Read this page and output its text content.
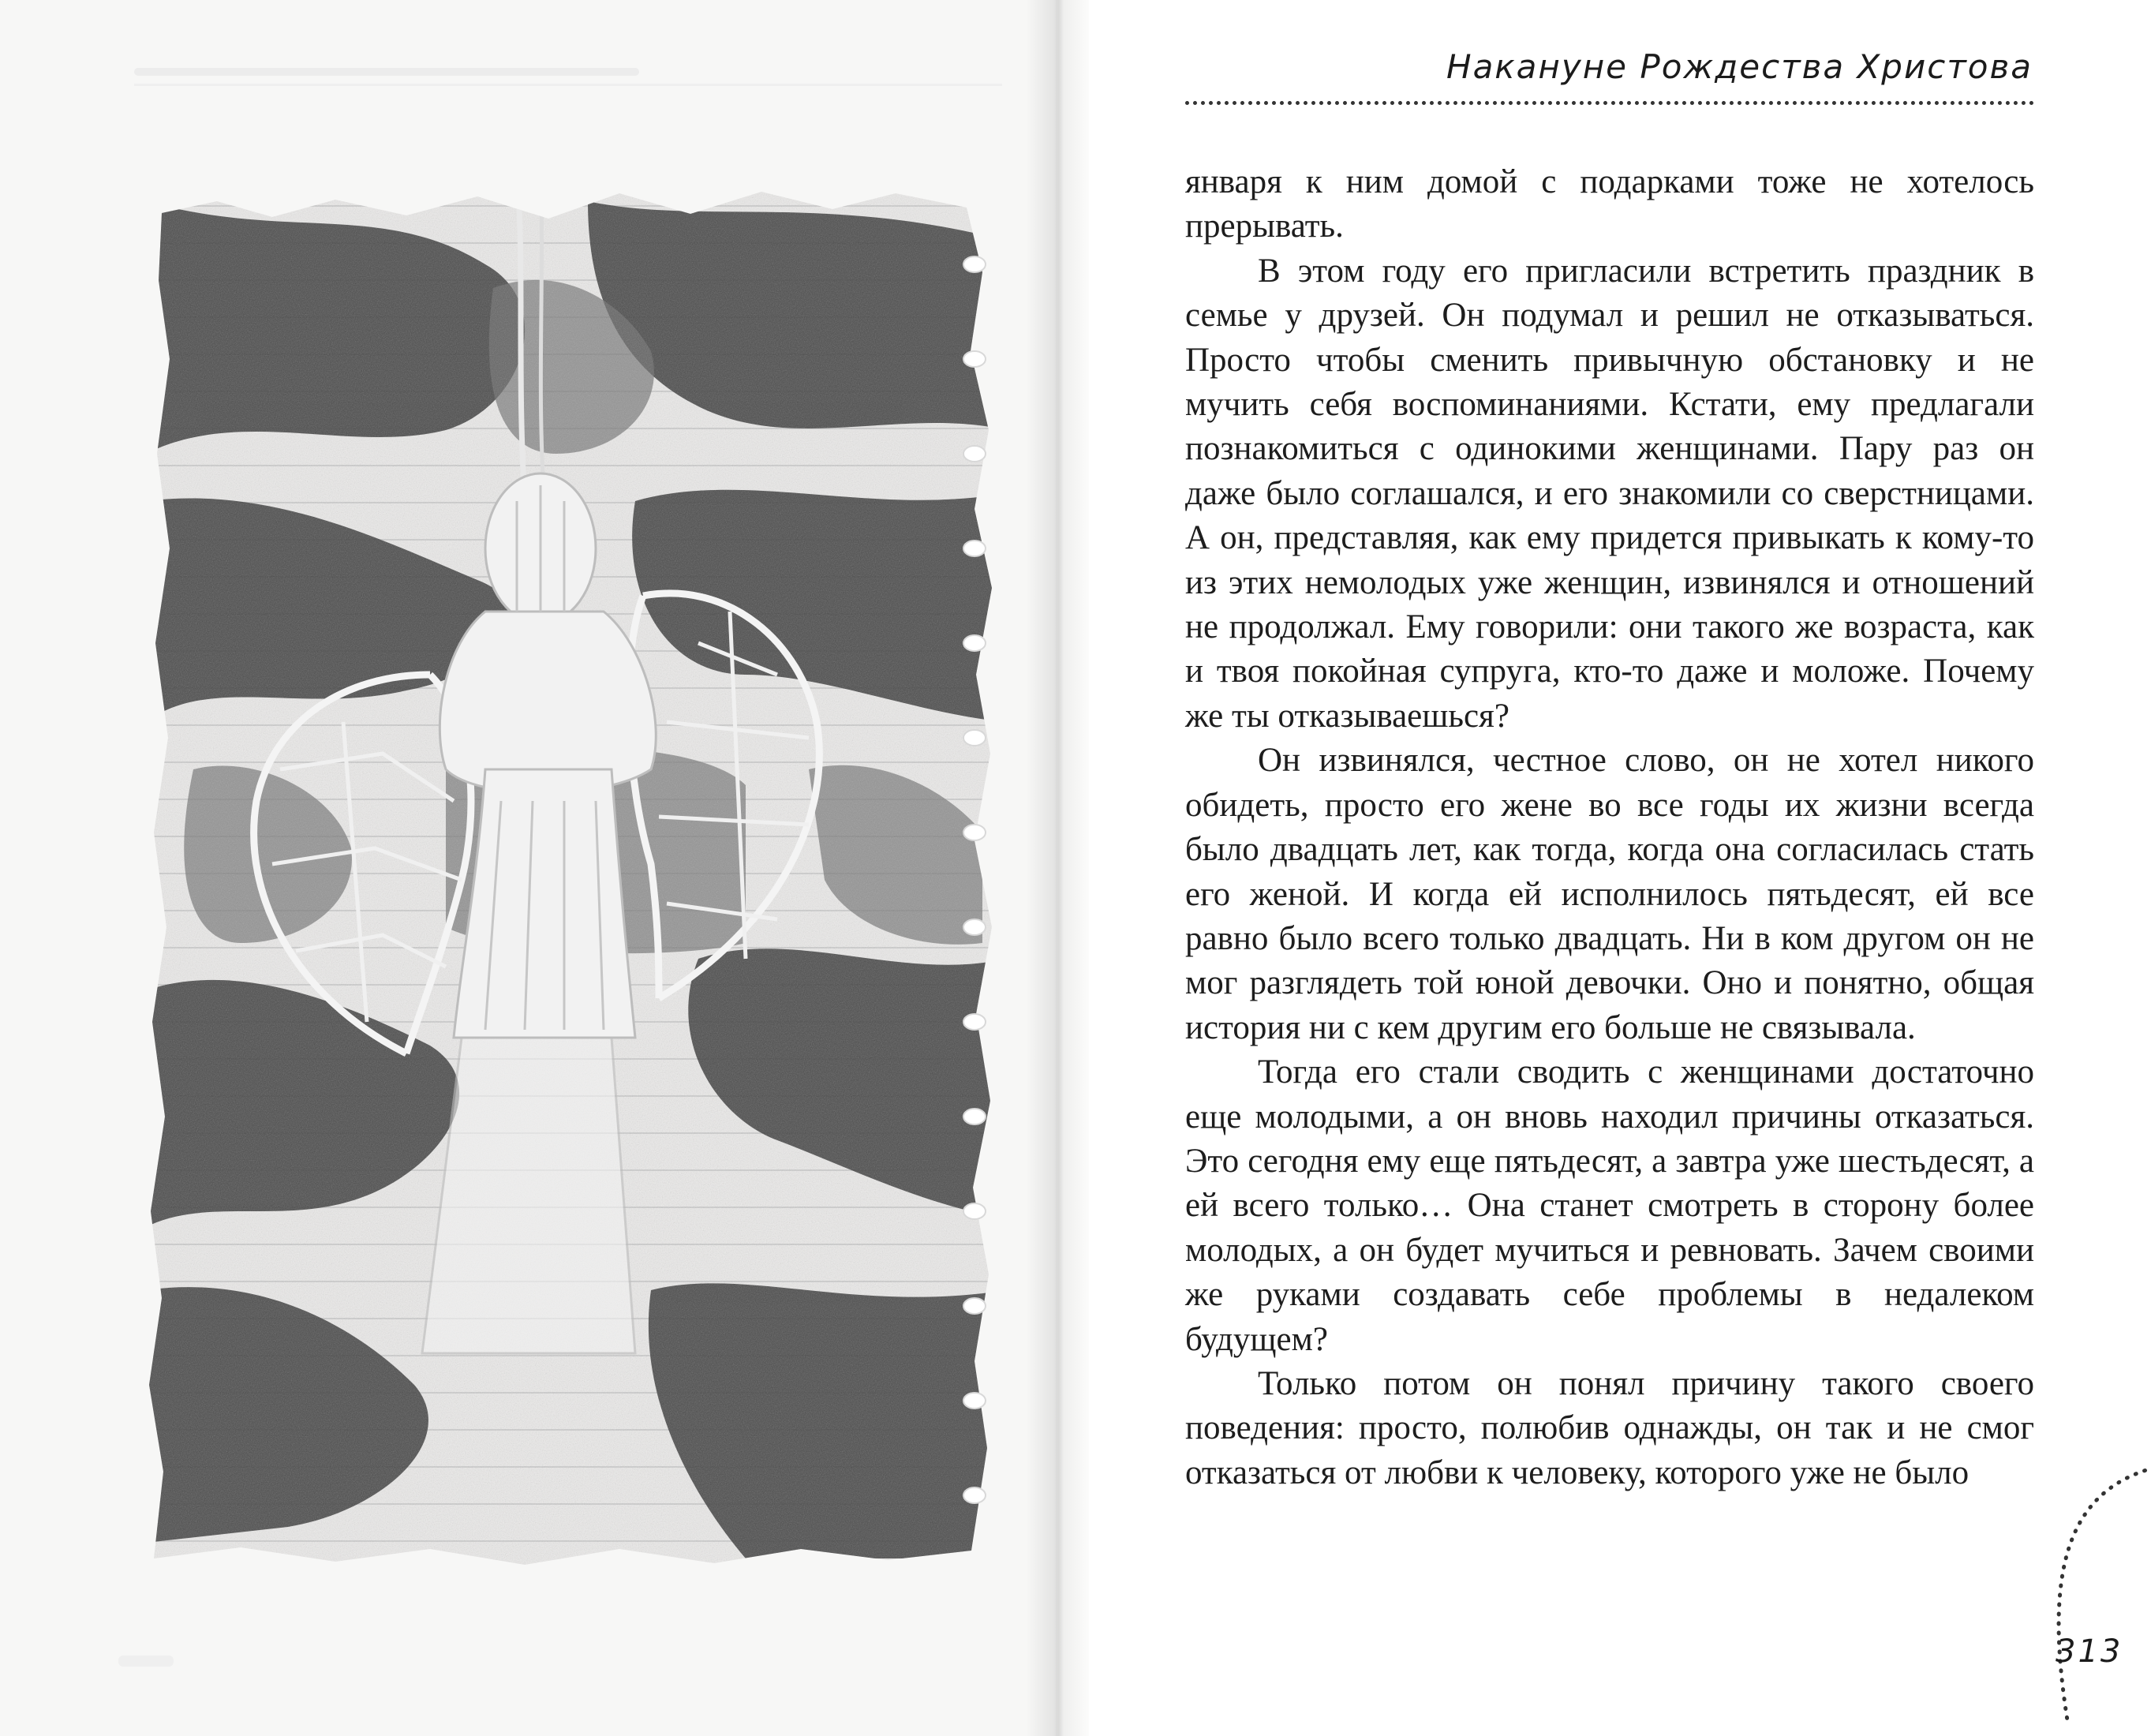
Накануне Рождества Христова

января к ним домой с подарками тоже не хотелось прерывать.

В этом году его пригласили встретить праздник в семье у друзей. Он подумал и решил не отказываться. Просто чтобы сменить привычную обстановку и не мучить себя воспоминаниями. Кстати, ему предлагали познакомиться с одинокими женщинами. Пару раз он даже было соглашался, и его знакомили со сверстницами. А он, представляя, как ему придется привыкать к кому-то из этих немолодых уже женщин, извинялся и отношений не продолжал. Ему говорили: они такого же возраста, как и твоя покойная супруга, кто-то даже и моложе. Почему же ты отказываешься?

Он извинялся, честное слово, он не хотел никого обидеть, просто его жене во все годы их жизни всегда было двадцать лет, как тогда, когда она согласилась стать его женой. И когда ей исполнилось пятьдесят, ей все равно было всего только двадцать. Ни в ком другом он не мог разглядеть той юной девочки. Оно и понятно, общая история ни с кем другим его больше не связывала.

Тогда его стали сводить с женщинами достаточно еще молодыми, а он вновь находил причины отказаться. Это сегодня ему еще пятьдесят, а завтра уже шестьдесят, а ей всего только… Она станет смотреть в сторону более молодых, а он будет мучиться и ревновать. Зачем своими же руками создавать себе проблемы в недалеком будущем?

Только потом он понял причину такого своего поведения: просто, полюбив однажды, он так и не смог отказаться от любви к человеку, которого уже не было

313
